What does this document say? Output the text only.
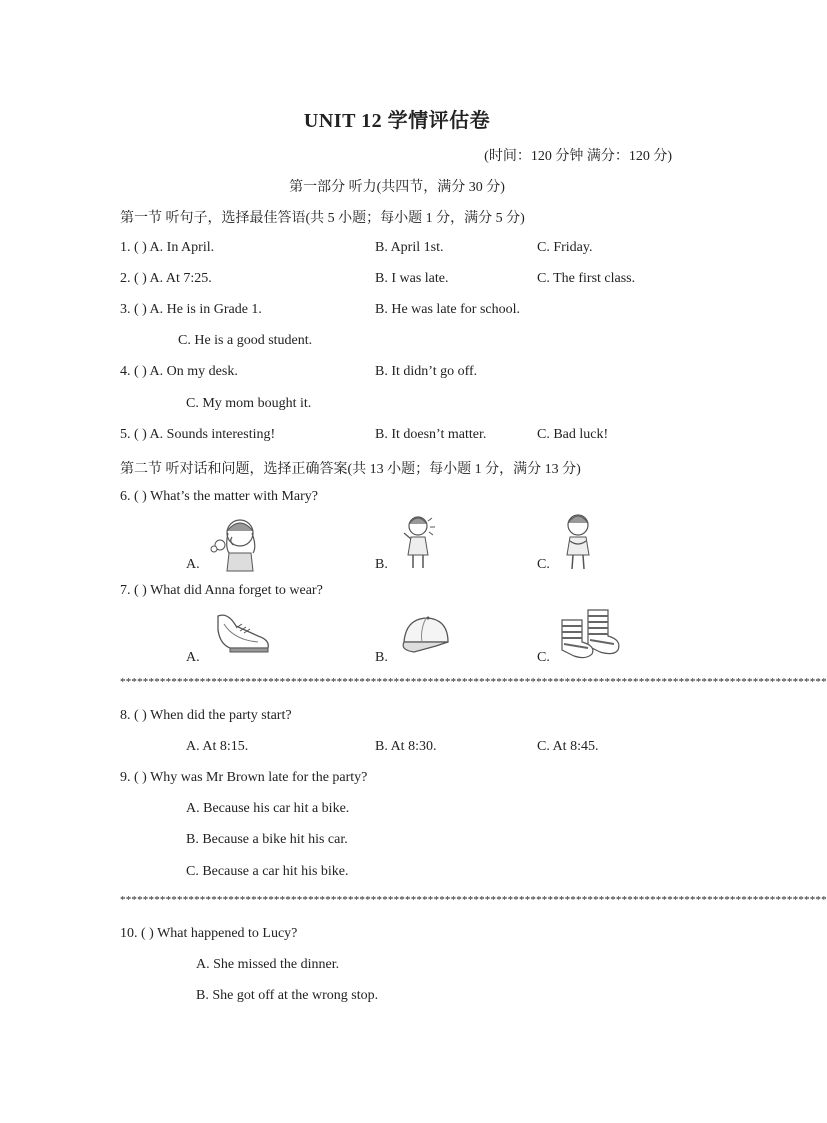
UNIT 12 学情评估卷
(时间：120 分钟 满分：120 分)
第一部分 听力(共四节，满分 30 分)
第一节 听句子，选择最佳答语(共 5 小题；每小题 1 分，满分 5 分)
1. ( ) A. In April.	B. April 1st.	C. Friday.
2. ( ) A. At 7:25.	B. I was late.	C. The first class.
3. ( ) A. He is in Grade 1.	B. He was late for school.
C. He is a good student.
4. ( ) A. On my desk.	B. It didn’t go off.
C. My mom bought it.
5. ( ) A. Sounds interesting!	B. It doesn’t matter.	C. Bad luck!
第二节 听对话和问题，选择正确答案(共 13 小题；每小题 1 分，满分 13 分)
6. ( ) What’s the matter with Mary?
A.	B.	C.
7. ( ) What did Anna forget to wear?
A.	B.	C.
****************************************************************************************************************************
8. ( ) When did the party start?
A. At 8:15.	B. At 8:30.	C. At 8:45.
9. ( ) Why was Mr Brown late for the party?
A. Because his car hit a bike.
B. Because a bike hit his car.
C. Because a car hit his bike.
****************************************************************************************************************************
10. ( ) What happened to Lucy?
A. She missed the dinner.
B. She got off at the wrong stop.
